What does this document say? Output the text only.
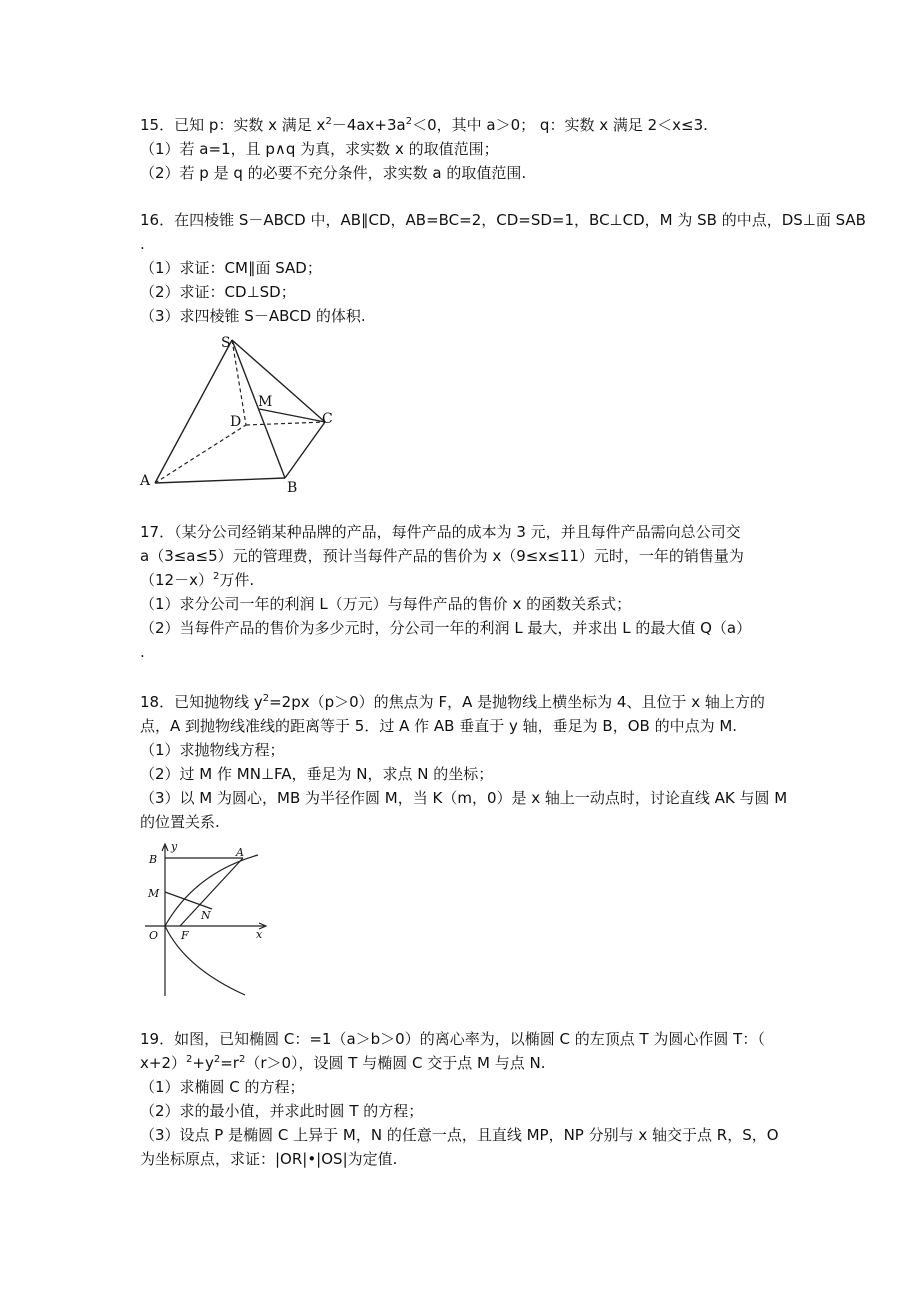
15．已知 p：实数 x 满足 $x^2-4ax+3a^2<0$，其中 a＞0； q：实数 x 满足 2＜x≤3.
（1）若 a=1，且 p∧q 为真，求实数 x 的取值范围；
（2）若 p 是 q 的必要不充分条件，求实数 a 的取值范围.
16．在四棱锥 S－ABCD 中，AB∥CD，AB=BC=2，CD=SD=1，BC⊥CD，M 为 SB 的中点，DS⊥面 SAB
.
（1）求证：CM∥面 SAD；
（2）求证：CD⊥SD；
（3）求四棱锥 S－ABCD 的体积.
S
M
D	C
A	B
17．（某分公司经销某种品牌的产品，每件产品的成本为 3 元，并且每件产品需向总公司交
a（3≤a≤5）元的管理费，预计当每件产品的售价为 x（9≤x≤11）元时，一年的销售量为
$(12-x)^2$万件.
（1）求分公司一年的利润 L（万元）与每件产品的售价 x 的函数关系式；
（2）当每件产品的售价为多少元时，分公司一年的利润 L 最大，并求出 L 的最大值 Q（a）
.
18．已知抛物线 $y^2=2px(p>0)$的焦点为 F，A 是抛物线上横坐标为 4、且位于 x 轴上方的
点，A 到抛物线准线的距离等于 5．过 A 作 AB 垂直于 y 轴，垂足为 B，OB 的中点为 M.
（1）求抛物线方程；
（2）过 M 作 MN⊥FA，垂足为 N，求点 N 的坐标；
（3）以 M 为圆心，MB 为半径作圆 M，当 K（m，0）是 x 轴上一动点时，讨论直线 AK 与圆 M
的位置关系.
y
x
B
A
M
N
O F
19．如图，已知椭圆 C：=1（a＞b＞0）的离心率为，以椭圆 C 的左顶点 T 为圆心作圆 T：（
$x+2)^2+y^2=r^2(r>0)$，设圆 T 与椭圆 C 交于点 M 与点 N.
（1）求椭圆 C 的方程；
（2）求的最小值，并求此时圆 T 的方程；
（3）设点 P 是椭圆 C 上异于 M，N 的任意一点，且直线 MP，NP 分别与 x 轴交于点 R，S，O
为坐标原点，求证：|OR|•|OS|为定值.
